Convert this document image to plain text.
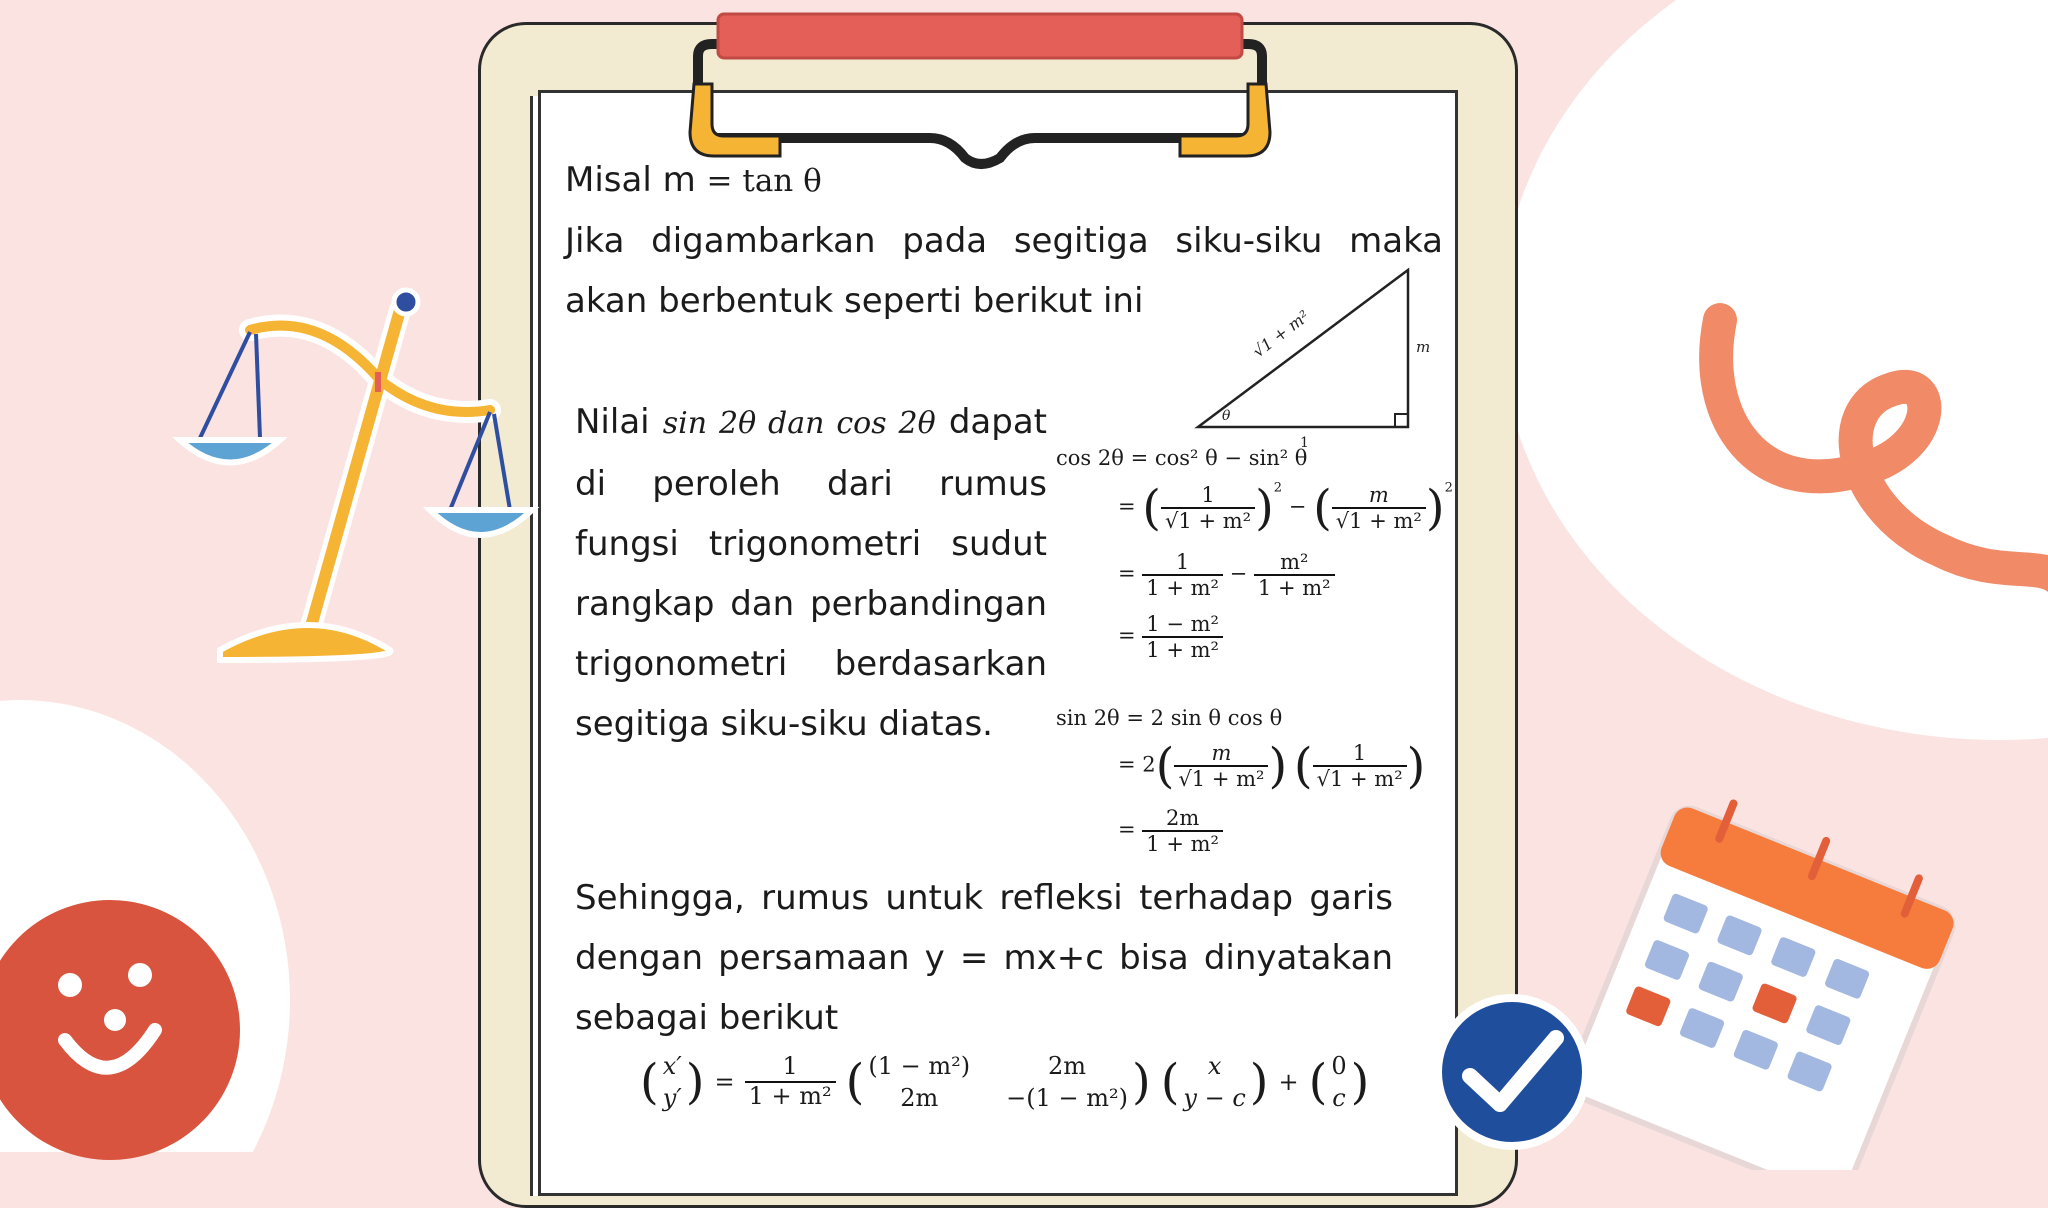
Misal m = tan θ

Jika digambarkan pada segitiga siku-siku maka akan berbentuk seperti berikut ini

√1 + m²	m
1
θ

Nilai sin 2θ dan cos 2θ dapat di peroleh dari rumus fungsi trigonometri sudut rangkap dan perbandingan trigonometri berdasarkan segitiga siku-siku diatas.

cos 2θ = cos² θ − sin² θ
= ( $\frac{1}{\text{√1 + m²}} )^2$ − ( $\frac{m}{\text{√1 + m²}} )^2$
= $\frac{1}{\text{1 + m²}} - \frac{\text{m²}}{\text{1 + m²}}$
= $\frac{\text{1 − m²}}{\text{1 + m²}}$
sin 2θ = 2 sin θ cos θ
= $2( \frac{m}{\text{√1 + m²}}$ ) ( $\frac{1}{\text{√1 + m²}}$ )
= $\frac{2m}{\text{1 + m²}}$

Sehingga, rumus untuk refleksi terhadap garis dengan persamaan y = mx+c bisa dinyatakan sebagai berikut

( x′
y′ ) = $\frac{1}{\text{1 + m²}}$ ( (1 − m²)	2m
2m	−(1 − m²) ) (	x
y − c ) + ( 0
c )
